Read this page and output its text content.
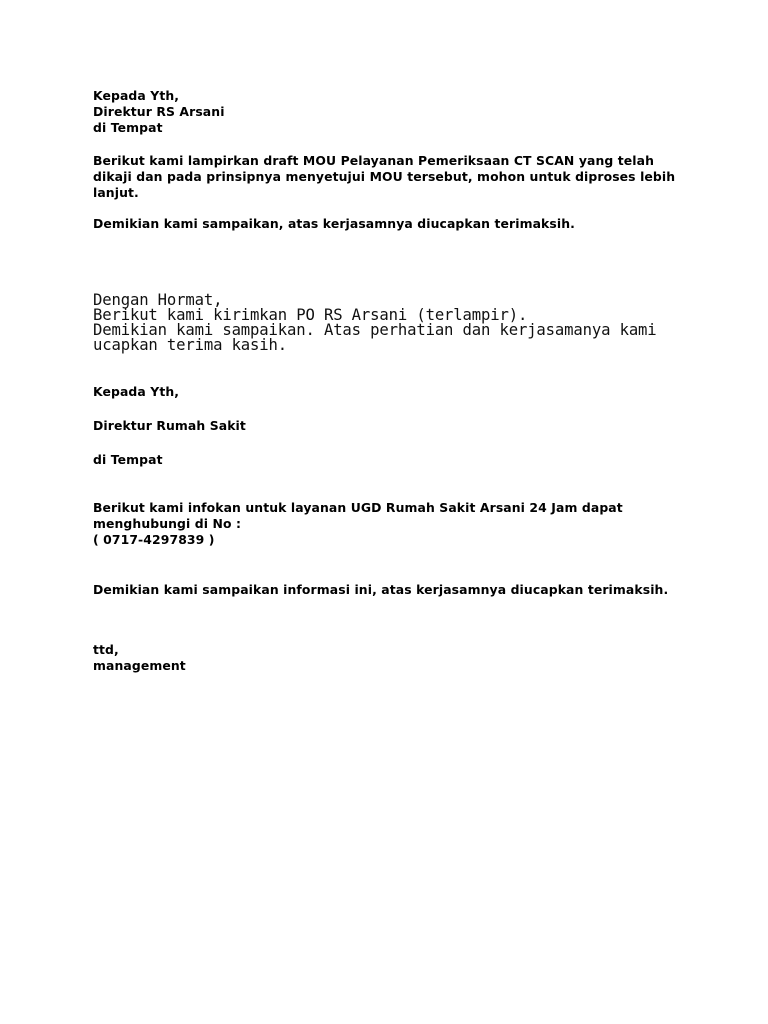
Kepada Yth,
Direktur RS Arsani
di Tempat
Berikut kami lampirkan draft MOU Pelayanan Pemeriksaan CT SCAN yang telah
dikaji dan pada prinsipnya menyetujui MOU tersebut, mohon untuk diproses lebih
lanjut.
Demikian kami sampaikan, atas kerjasamnya diucapkan terimaksih.
Dengan Hormat,
Berikut kami kirimkan PO RS Arsani (terlampir).
Demikian kami sampaikan. Atas perhatian dan kerjasamanya kami
ucapkan terima kasih.
Kepada Yth,
Direktur Rumah Sakit
di Tempat
Berikut kami infokan untuk layanan UGD Rumah Sakit Arsani 24 Jam dapat
menghubungi di No :
( 0717-4297839 )
Demikian kami sampaikan informasi ini, atas kerjasamnya diucapkan terimaksih.
ttd,
management
